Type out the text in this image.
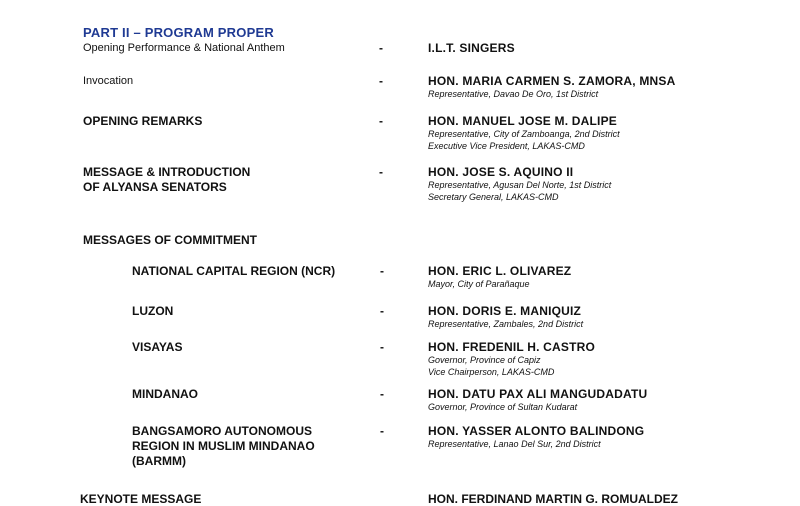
PART II – PROGRAM PROPER
Opening Performance & National Anthem	-	I.L.T. SINGERS
Invocation	-	HON. MARIA CARMEN S. ZAMORA, MNSA
Representative, Davao De Oro, 1st District
OPENING REMARKS	-	HON. MANUEL JOSE M. DALIPE
Representative, City of Zamboanga, 2nd District
Executive Vice President, LAKAS-CMD
MESSAGE & INTRODUCTION
OF ALYANSA SENATORS
-	HON. JOSE S. AQUINO II
Representative, Agusan Del Norte, 1st District
Secretary General, LAKAS-CMD
MESSAGES OF COMMITMENT
NATIONAL CAPITAL REGION (NCR)	-	HON. ERIC L. OLIVAREZ
Mayor, City of Parañaque
LUZON	-	HON. DORIS E. MANIQUIZ
Representative, Zambales, 2nd District
VISAYAS	-	HON. FREDENIL H. CASTRO
Governor, Province of Capiz
Vice Chairperson, LAKAS-CMD
MINDANAO	-	HON. DATU PAX ALI MANGUDADATU
Governor, Province of Sultan Kudarat
BANGSAMORO AUTONOMOUS
REGION IN MUSLIM MINDANAO
(BARMM)
-	HON. YASSER ALONTO BALINDONG
Representative, Lanao Del Sur, 2nd District
KEYNOTE MESSAGE	HON. FERDINAND MARTIN G. ROMUALDEZ
